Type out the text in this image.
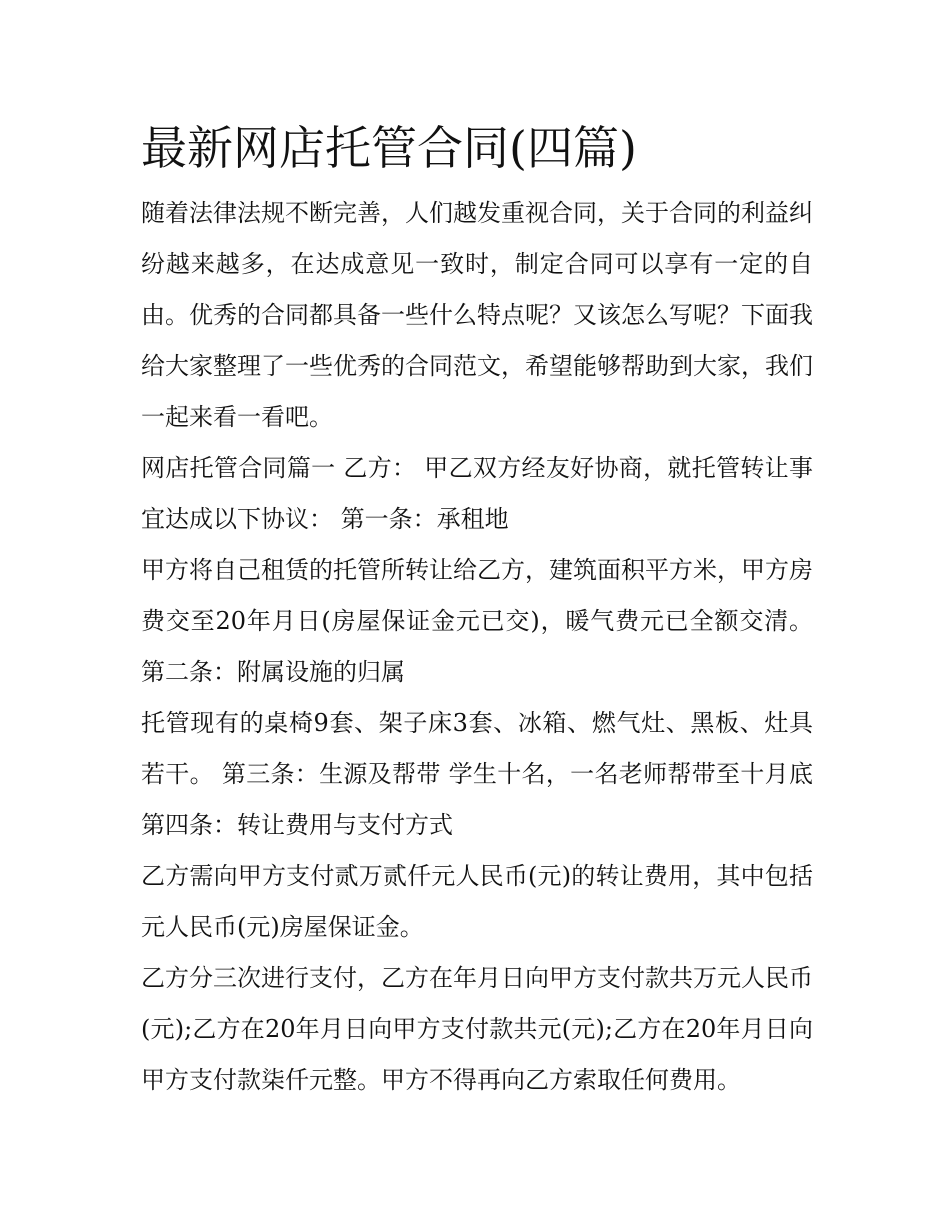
最新网店托管合同(四篇)

随着法律法规不断完善，人们越发重视合同，关于合同的利益纠纷越来越多，在达成意见一致时，制定合同可以享有一定的自由。优秀的合同都具备一些什么特点呢？又该怎么写呢？下面我给大家整理了一些优秀的合同范文，希望能够帮助到大家，我们一起来看一看吧。

网店托管合同篇一 乙方： 甲乙双方经友好协商，就托管转让事宜达成以下协议： 第一条：承租地

甲方将自己租赁的托管所转让给乙方，建筑面积平方米，甲方房费交至20年月日(房屋保证金元已交)，暖气费元已全额交清。 第二条：附属设施的归属

托管现有的桌椅9套、架子床3套、冰箱、燃气灶、黑板、灶具若干。 第三条：生源及帮带 学生十名，一名老师帮带至十月底 第四条：转让费用与支付方式

乙方需向甲方支付贰万贰仟元人民币(元)的转让费用，其中包括元人民币(元)房屋保证金。

乙方分三次进行支付，乙方在年月日向甲方支付款共万元人民币(元);乙方在20年月日向甲方支付款共元(元);乙方在20年月日向甲方支付款柒仟元整。甲方不得再向乙方索取任何费用。
